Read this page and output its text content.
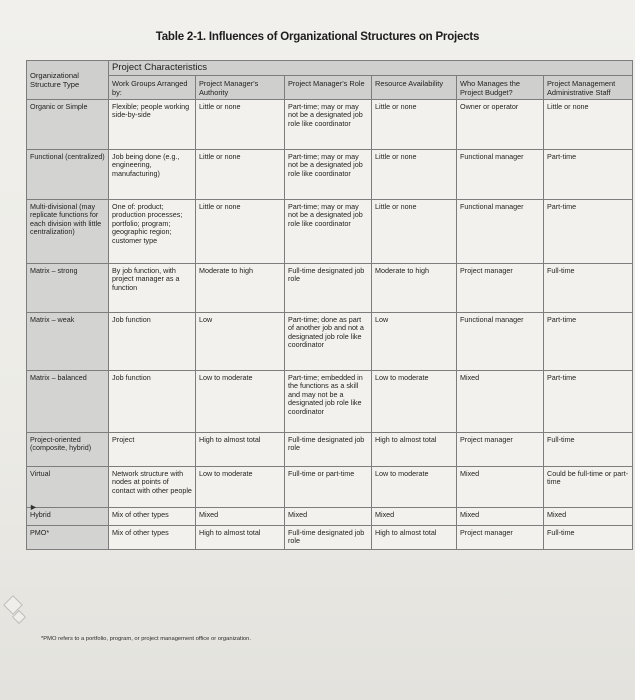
Table 2-1. Influences of Organizational Structures on Projects
Organizational Structure Type	Project Characteristics					
	Work Groups Arranged by:	Project Manager's Authority	Project Manager's Role	Resource Availability	Who Manages the Project Budget?	Project Management Administrative Staff
Organic or Simple	Flexible; people working side-by-side	Little or none	Part-time; may or may not be a designated job role like coordinator	Little or none	Owner or operator	Little or none
Functional (centralized)	Job being done (e.g., engineering, manufacturing)	Little or none	Part-time; may or may not be a designated job role like coordinator	Little or none	Functional manager	Part-time
Multi-divisional (may replicate functions for each division with little centralization)	One of: product; production processes; portfolio; program; geographic region; customer type	Little or none	Part-time; may or may not be a designated job role like coordinator	Little or none	Functional manager	Part-time
Matrix – strong	By job function, with project manager as a function	Moderate to high	Full-time designated job role	Moderate to high	Project manager	Full-time
Matrix – weak	Job function	Low	Part-time; done as part of another job and not a designated job role like coordinator	Low	Functional manager	Part-time
Matrix – balanced	Job function	Low to moderate	Part-time; embedded in the functions as a skill and may not be a designated job role like coordinator	Low to moderate	Mixed	Part-time
Project-oriented (composite, hybrid)	Project	High to almost total	Full-time designated job role	High to almost total	Project manager	Full-time
Virtual	Network structure with nodes at points of contact with other people	Low to moderate	Full-time or part-time	Low to moderate	Mixed	Could be full-time or part-time
Hybrid	Mix of other types	Mixed	Mixed	Mixed	Mixed	Mixed
PMO*	Mix of other types	High to almost total	Full-time designated job role	High to almost total	Project manager	Full-time
*PMO refers to a portfolio, program, or project management office or organization.
►
